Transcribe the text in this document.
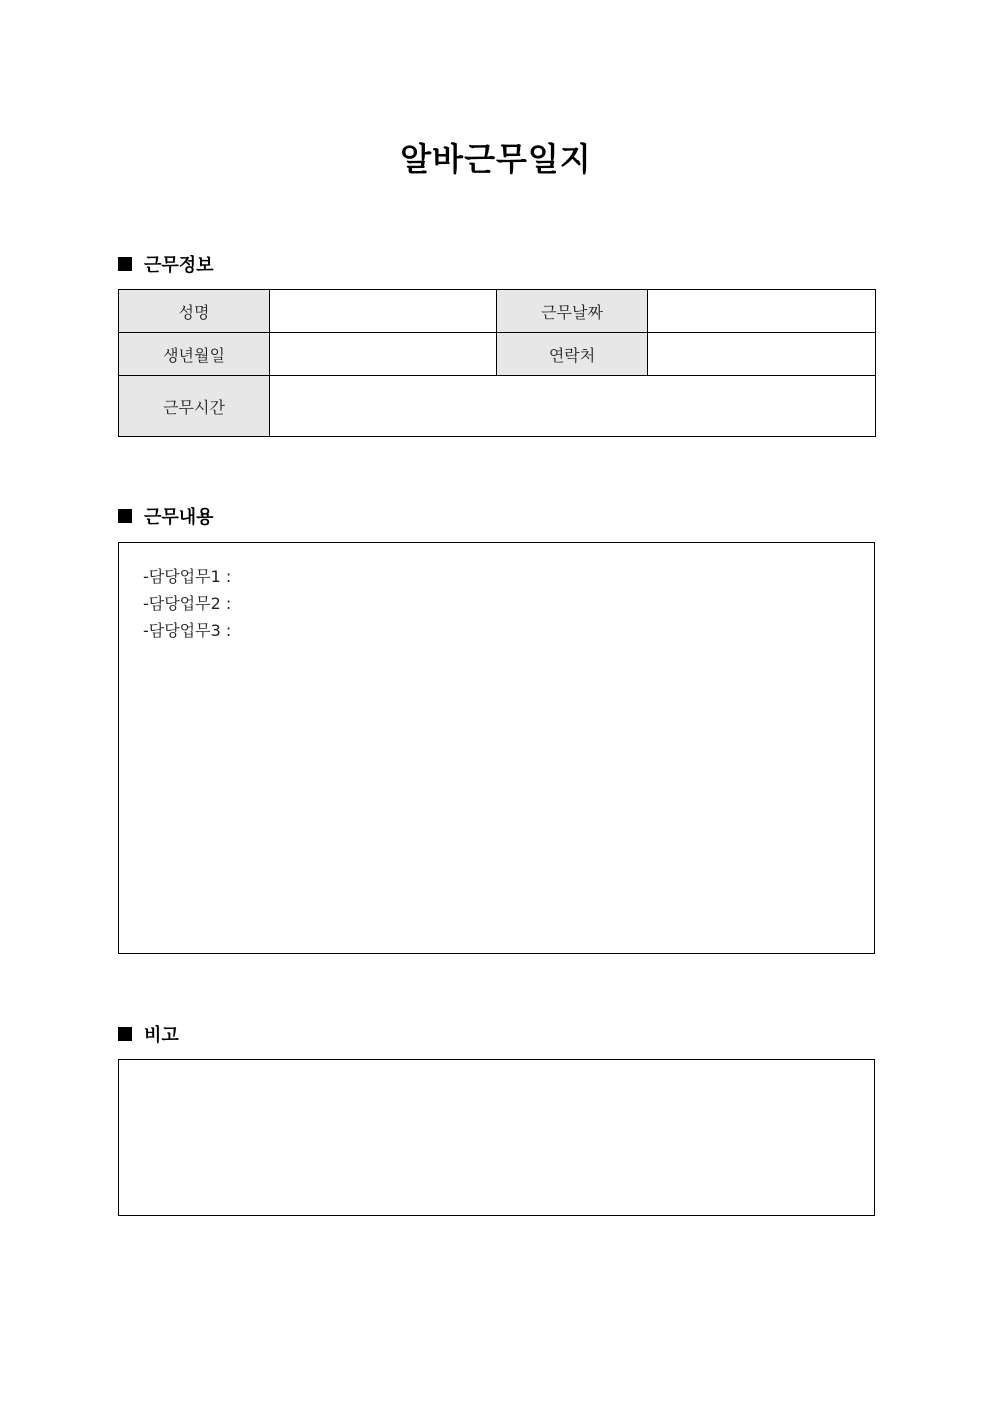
알바근무일지
근무정보
성명		근무날짜	
생년월일		연락처	
근무시간			
근무내용
-담당업무1 :
-담당업무2 :
-담당업무3 :
비고
